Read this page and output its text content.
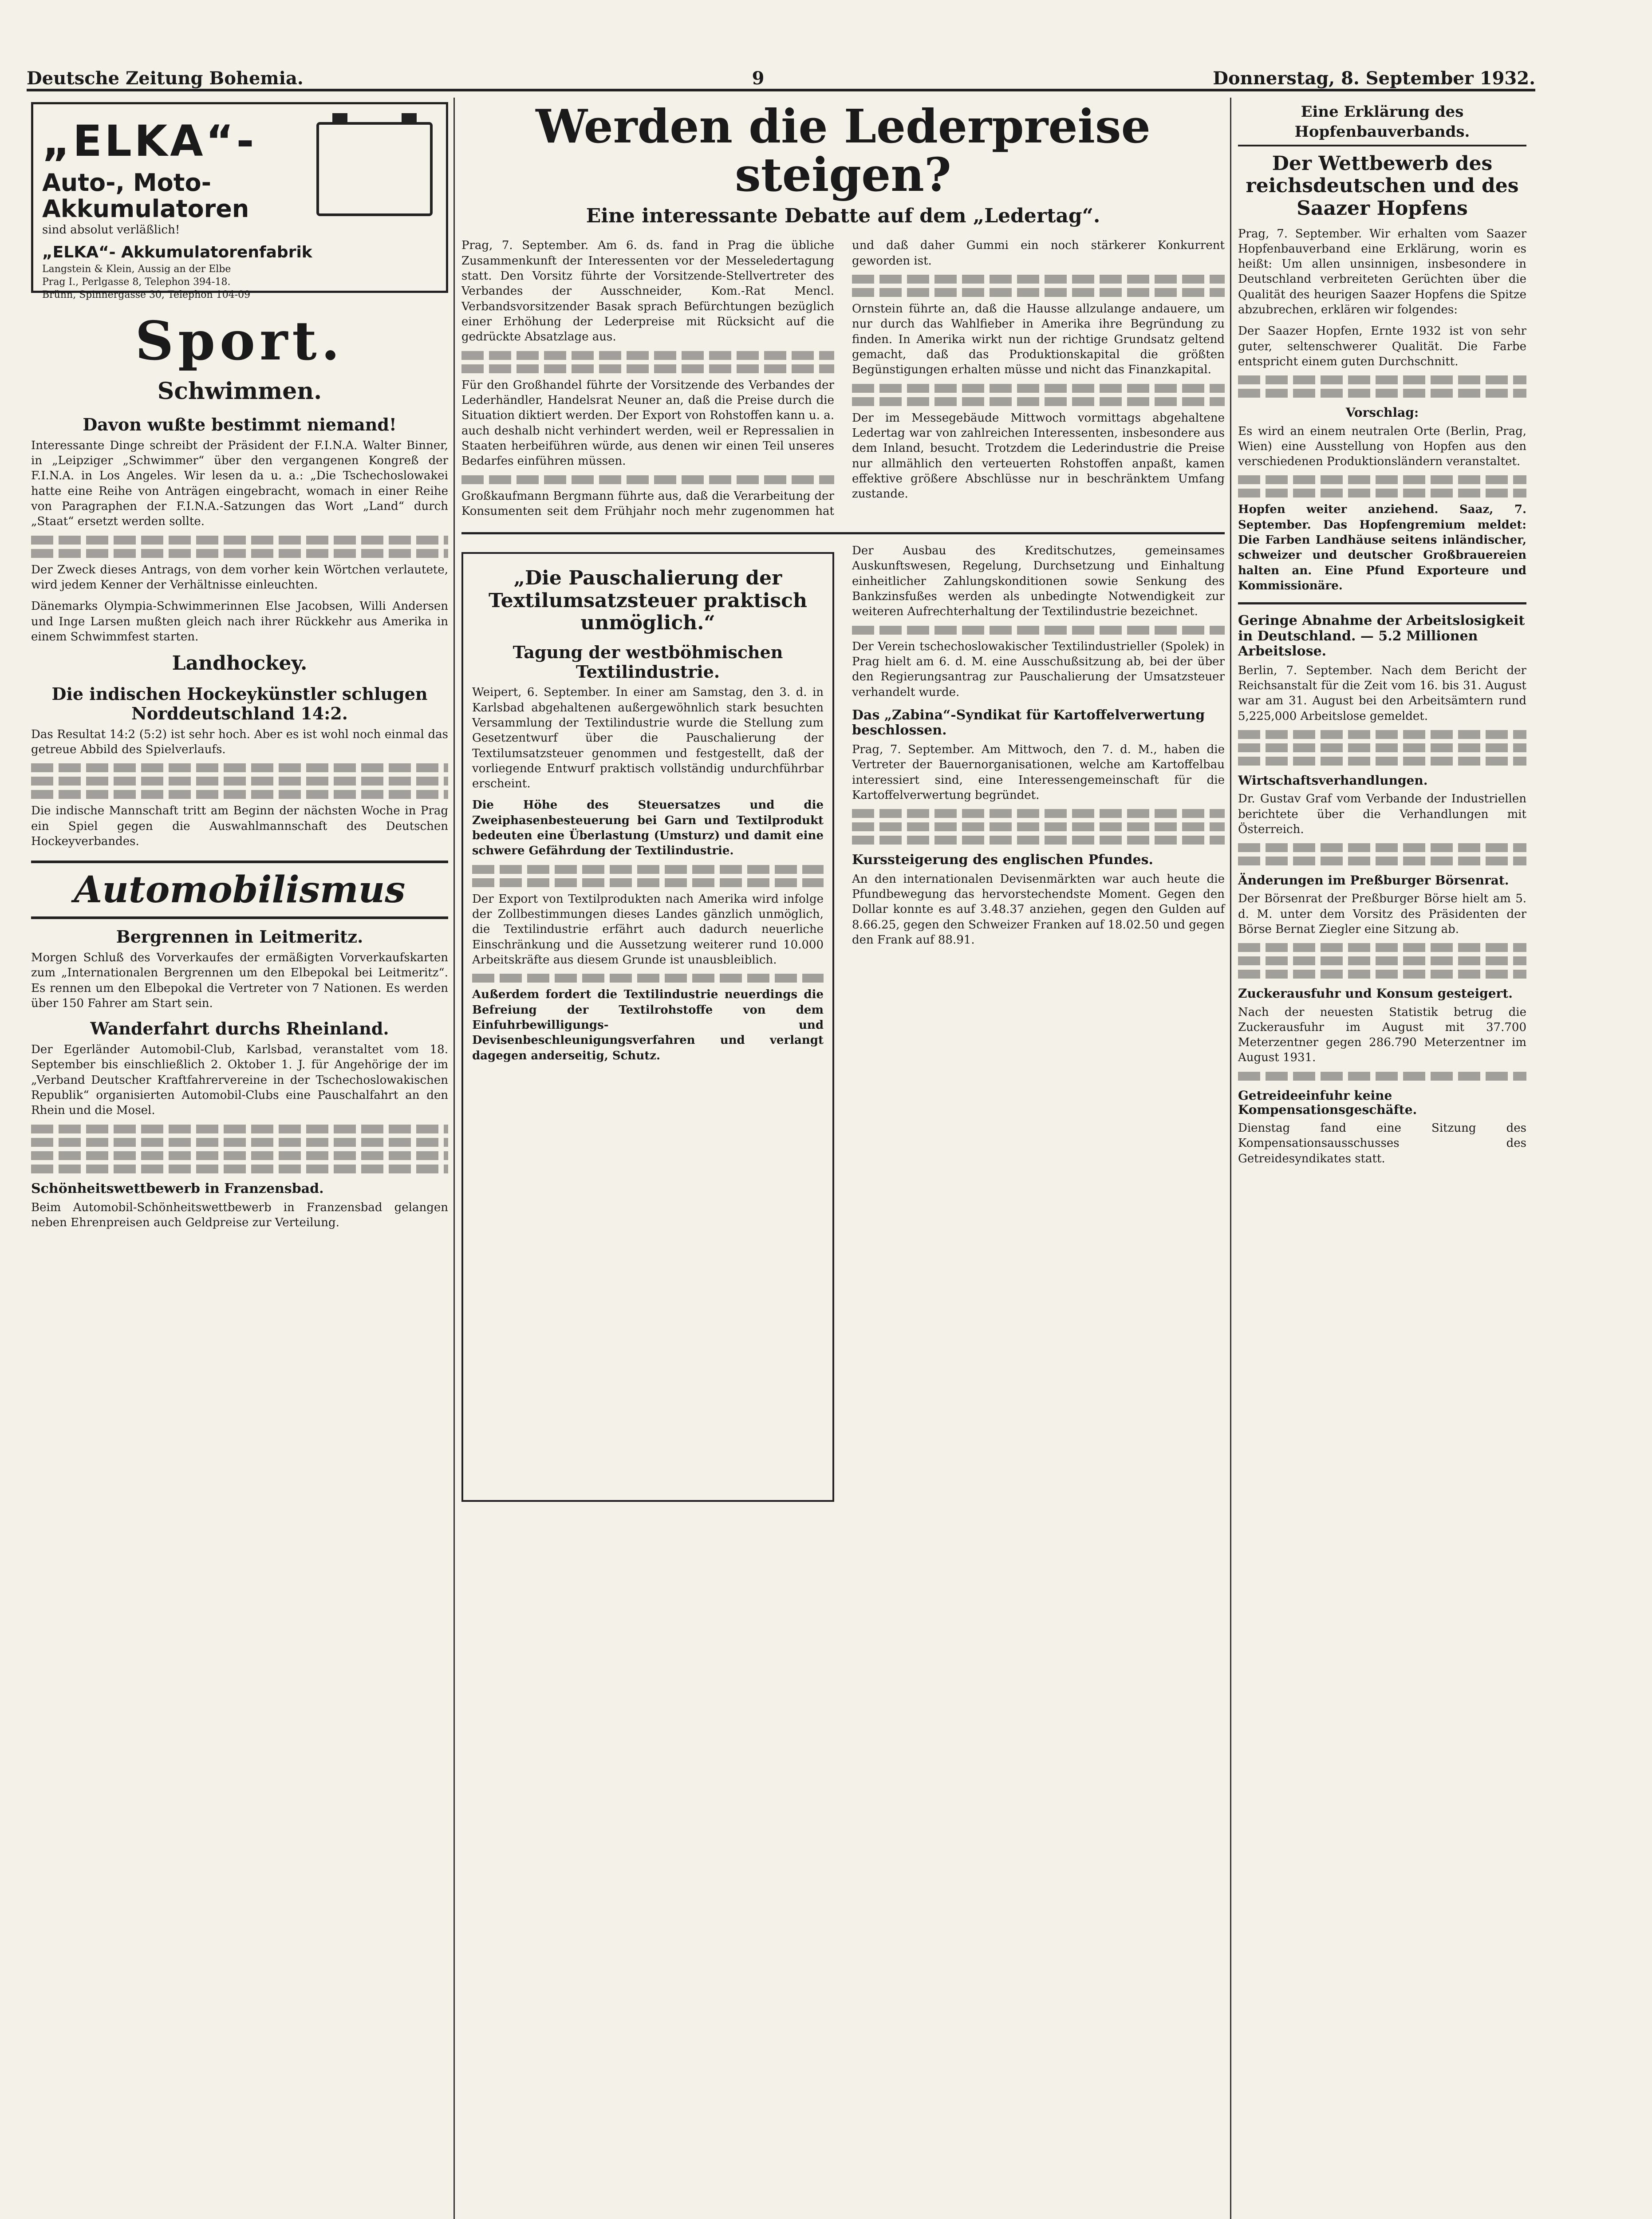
Deutsche Zeitung Bohemia.	9	Donnerstag, 8. September 1932.
„ELKA“-
Auto-, Moto-
Akkumulatoren
sind absolut verläßlich!
„ELKA“- Akkumulatorenfabrik
Langstein & Klein, Aussig an der Elbe
Prag I., Perlgasse 8, Telephon 394-18.
Brünn, Spinnergasse 30, Telephon 104-09
Sport.
Schwimmen.
Davon wußte bestimmt niemand!

Interessante Dinge schreibt der Präsident der F.I.N.A. Walter Binner, in „Leipziger „Schwimmer“ über den vergangenen Kongreß der F.I.N.A. in Los Angeles. Wir lesen da u. a.: „Die Tschechoslowakei hatte eine Reihe von Anträgen eingebracht, womach in einer Reihe von Paragraphen der F.I.N.A.-Satzungen das Wort „Land“ durch „Staat“ ersetzt werden sollte.

Der Zweck dieses Antrags, von dem vorher kein Wörtchen verlautete, wird jedem Kenner der Verhältnisse einleuchten.

Dänemarks Olympia-Schwimmerinnen Else Jacobsen, Willi Andersen und Inge Larsen mußten gleich nach ihrer Rückkehr aus Amerika in einem Schwimmfest starten.

Landhockey.
Die indischen Hockeykünstler schlugen Norddeutschland 14:2.

Das Resultat 14:2 (5:2) ist sehr hoch. Aber es ist wohl noch einmal das getreue Abbild des Spielverlaufs.

Die indische Mannschaft tritt am Beginn der nächsten Woche in Prag ein Spiel gegen die Auswahlmannschaft des Deutschen Hockeyverbandes.

Automobilismus
Bergrennen in Leitmeritz.

Morgen Schluß des Vorverkaufes der ermäßigten Vorverkaufskarten zum „Internationalen Bergrennen um den Elbepokal bei Leitmeritz“. Es rennen um den Elbepokal die Vertreter von 7 Nationen. Es werden über 150 Fahrer am Start sein.

Wanderfahrt durchs Rheinland.

Der Egerländer Automobil-Club, Karlsbad, veranstaltet vom 18. September bis einschließlich 2. Oktober 1. J. für Angehörige der im „Verband Deutscher Kraftfahrervereine in der Tschechoslowakischen Republik“ organisierten Automobil-Clubs eine Pauschalfahrt an den Rhein und die Mosel.

Schönheitswettbewerb in Franzensbad.

Beim Automobil-Schönheitswettbewerb in Franzensbad gelangen neben Ehrenpreisen auch Geldpreise zur Verteilung.

Werden die Lederpreise steigen?
Eine interessante Debatte auf dem „Ledertag“.

Prag, 7. September. Am 6. ds. fand in Prag die übliche Zusammenkunft der Interessenten vor der Messeledertagung statt. Den Vorsitz führte der Vorsitzende-Stellvertreter des Verbandes der Ausschneider, Kom.-Rat Mencl. Verbandsvorsitzender Basak sprach Befürchtungen bezüglich einer Erhöhung der Lederpreise mit Rücksicht auf die gedrückte Absatzlage aus.

Für den Großhandel führte der Vorsitzende des Verbandes der Lederhändler, Handelsrat Neuner an, daß die Preise durch die Situation diktiert werden. Der Export von Rohstoffen kann u. a. auch deshalb nicht verhindert werden, weil er Repressalien in Staaten herbeiführen würde, aus denen wir einen Teil unseres Bedarfes einführen müssen.

Großkaufmann Bergmann führte aus, daß die Verarbeitung der Konsumenten seit dem Frühjahr noch mehr zugenommen hat und daß daher Gummi ein noch stärkerer Konkurrent geworden ist.

Ornstein führte an, daß die Hausse allzulange andauere, um nur durch das Wahlfieber in Amerika ihre Begründung zu finden. In Amerika wirkt nun der richtige Grundsatz geltend gemacht, daß das Produktionskapital die größten Begünstigungen erhalten müsse und nicht das Finanzkapital.

Der im Messegebäude Mittwoch vormittags abgehaltene Ledertag war von zahlreichen Interessenten, insbesondere aus dem Inland, besucht. Trotzdem die Lederindustrie die Preise nur allmählich den verteuerten Rohstoffen anpaßt, kamen effektive größere Abschlüsse nur in beschränktem Umfang zustande.

„Die Pauschalierung der Textilumsatzsteuer praktisch unmöglich.“
Tagung der westböhmischen Textilindustrie.

Weipert, 6. September. In einer am Samstag, den 3. d. in Karlsbad abgehaltenen außergewöhnlich stark besuchten Versammlung der Textilindustrie wurde die Stellung zum Gesetzentwurf über die Pauschalierung der Textilumsatzsteuer genommen und festgestellt, daß der vorliegende Entwurf praktisch vollständig undurchführbar erscheint.

Die Höhe des Steuersatzes und die Zweiphasenbesteuerung bei Garn und Textilprodukt bedeuten eine Überlastung (Umsturz) und damit eine schwere Gefährdung der Textilindustrie.

Der Export von Textilprodukten nach Amerika wird infolge der Zollbestimmungen dieses Landes gänzlich unmöglich, die Textilindustrie erfährt auch dadurch neuerliche Einschränkung und die Aussetzung weiterer rund 10.000 Arbeitskräfte aus diesem Grunde ist unausbleiblich.

Außerdem fordert die Textilindustrie neuerdings die Befreiung der Textilrohstoffe von dem Einfuhrbewilligungs- und Devisenbeschleunigungsverfahren und verlangt dagegen anderseitig, Schutz.

Der Ausbau des Kreditschutzes, gemeinsames Auskunftswesen, Regelung, Durchsetzung und Einhaltung einheitlicher Zahlungskonditionen sowie Senkung des Bankzinsfußes werden als unbedingte Notwendigkeit zur weiteren Aufrechterhaltung der Textilindustrie bezeichnet.

Der Verein tschechoslowakischer Textilindustrieller (Spolek) in Prag hielt am 6. d. M. eine Ausschußsitzung ab, bei der über den Regierungsantrag zur Pauschalierung der Umsatzsteuer verhandelt wurde.

Das „Zabina“-Syndikat für Kartoffelverwertung beschlossen.

Prag, 7. September. Am Mittwoch, den 7. d. M., haben die Vertreter der Bauernorganisationen, welche am Kartoffelbau interessiert sind, eine Interessengemeinschaft für die Kartoffelverwertung begründet.

Kurssteigerung des englischen Pfundes.

An den internationalen Devisenmärkten war auch heute die Pfundbewegung das hervorstechendste Moment. Gegen den Dollar konnte es auf 3.48.37 anziehen, gegen den Gulden auf 8.66.25, gegen den Schweizer Franken auf 18.02.50 und gegen den Frank auf 88.91.

Eine Erklärung des Hopfenbauverbands.
Der Wettbewerb des reichsdeutschen und des Saazer Hopfens

Prag, 7. September. Wir erhalten vom Saazer Hopfenbauverband eine Erklärung, worin es heißt: Um allen unsinnigen, insbesondere in Deutschland verbreiteten Gerüchten über die Qualität des heurigen Saazer Hopfens die Spitze abzubrechen, erklären wir folgendes:

Der Saazer Hopfen, Ernte 1932 ist von sehr guter, seltenschwerer Qualität. Die Farbe entspricht einem guten Durchschnitt.

Vorschlag:

Es wird an einem neutralen Orte (Berlin, Prag, Wien) eine Ausstellung von Hopfen aus den verschiedenen Produktionsländern veranstaltet.

Hopfen weiter anziehend. Saaz, 7. September. Das Hopfengremium meldet: Die Farben Landhäuse seitens inländischer, schweizer und deutscher Großbrauereien halten an. Eine Pfund Exporteure und Kommissionäre.

Geringe Abnahme der Arbeitslosigkeit in Deutschland. — 5.2 Millionen Arbeitslose.

Berlin, 7. September. Nach dem Bericht der Reichsanstalt für die Zeit vom 16. bis 31. August war am 31. August bei den Arbeitsämtern rund 5,225,000 Arbeitslose gemeldet.

Wirtschaftsverhandlungen.

Dr. Gustav Graf vom Verbande der Industriellen berichtete über die Verhandlungen mit Österreich.

Änderungen im Preßburger Börsenrat.

Der Börsenrat der Preßburger Börse hielt am 5. d. M. unter dem Vorsitz des Präsidenten der Börse Bernat Ziegler eine Sitzung ab.

Zuckerausfuhr und Konsum gesteigert.

Nach der neuesten Statistik betrug die Zuckerausfuhr im August mit 37.700 Meterzentner gegen 286.790 Meterzentner im August 1931.

Getreideeinfuhr keine Kompensationsgeschäfte.

Dienstag fand eine Sitzung des Kompensationsausschusses des Getreidesyndikates statt.
